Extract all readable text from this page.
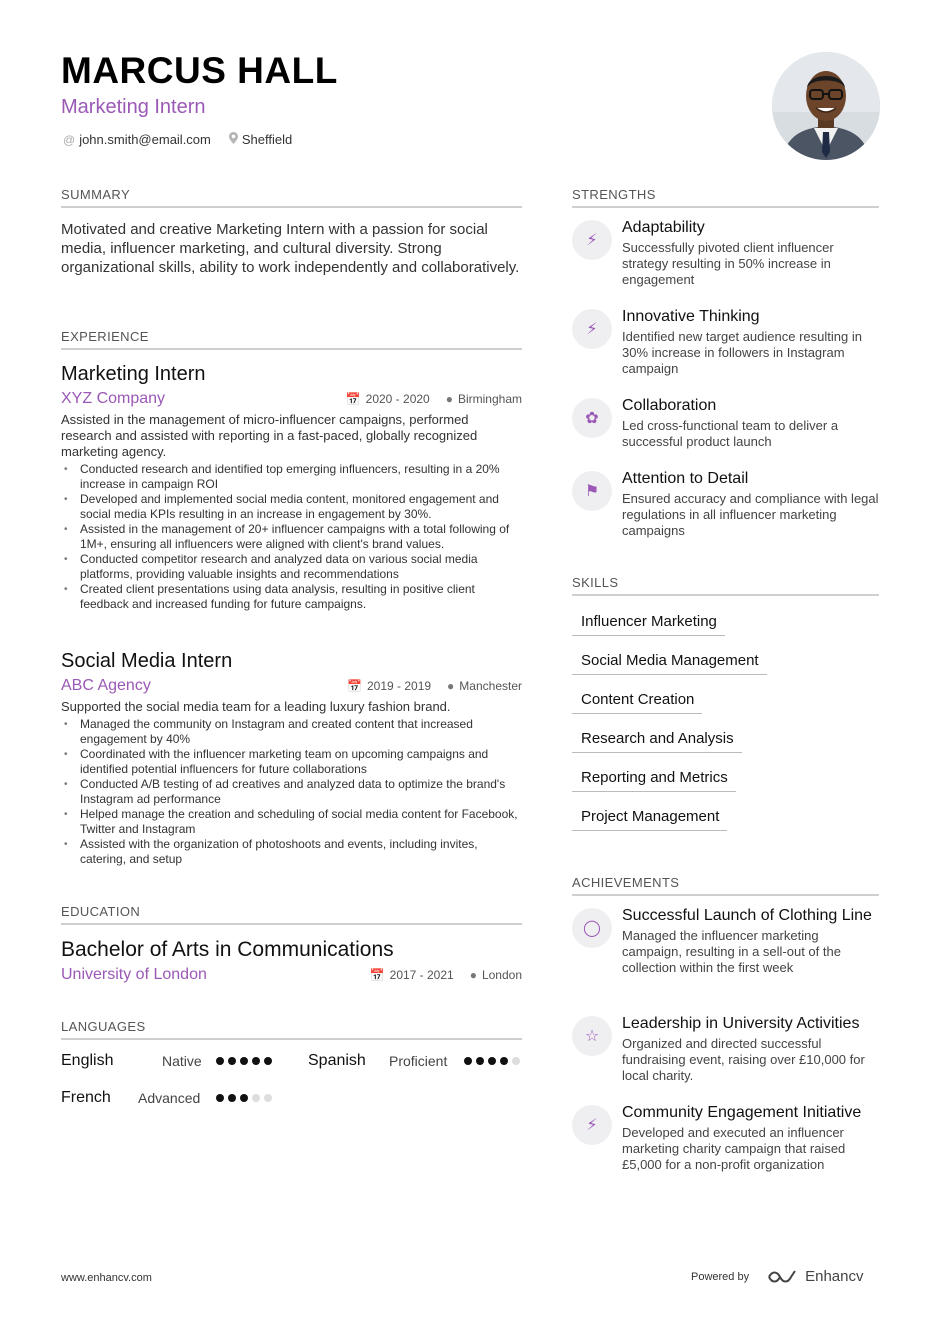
MARCUS HALL
Marketing Intern
@ john.smith@email.com Sheffield
SUMMARY
Motivated and creative Marketing Intern with a passion for social media, influencer marketing, and cultural diversity. Strong organizational skills, ability to work independently and collaboratively.
EXPERIENCE
Marketing Intern
XYZ Company	📅 2020 - 2020 ● Birmingham
Assisted in the management of micro-influencer campaigns, performed research and assisted with reporting in a fast-paced, globally recognized marketing agency.
• Conducted research and identified top emerging influencers, resulting in a 20% increase in campaign ROI
• Developed and implemented social media content, monitored engagement and social media KPIs resulting in an increase in engagement by 30%.
• Assisted in the management of 20+ influencer campaigns with a total following of 1M+, ensuring all influencers were aligned with client's brand values.
• Conducted competitor research and analyzed data on various social media platforms, providing valuable insights and recommendations
• Created client presentations using data analysis, resulting in positive client feedback and increased funding for future campaigns.
Social Media Intern
ABC Agency	📅 2019 - 2019 ● Manchester
Supported the social media team for a leading luxury fashion brand.
• Managed the community on Instagram and created content that increased engagement by 40%
• Coordinated with the influencer marketing team on upcoming campaigns and identified potential influencers for future collaborations
• Conducted A/B testing of ad creatives and analyzed data to optimize the brand's Instagram ad performance
• Helped manage the creation and scheduling of social media content for Facebook, Twitter and Instagram
• Assisted with the organization of photoshoots and events, including invites, catering, and setup
EDUCATION
Bachelor of Arts in Communications
University of London	📅 2017 - 2021 ● London
LANGUAGES
English	Native	Spanish	Proficient
French	Advanced
STRENGTHS
⚡︎
Adaptability
Successfully pivoted client influencer strategy resulting in 50% increase in engagement
⚡︎
Innovative Thinking
Identified new target audience resulting in 30% increase in followers in Instagram campaign
✿
Collaboration
Led cross-functional team to deliver a successful product launch
⚑
Attention to Detail
Ensured accuracy and compliance with legal regulations in all influencer marketing campaigns
SKILLS
Influencer Marketing
Social Media Management
Content Creation
Research and Analysis
Reporting and Metrics
Project Management
ACHIEVEMENTS
◯
Successful Launch of Clothing Line
Managed the influencer marketing campaign, resulting in a sell-out of the collection within the first week
☆
Leadership in University Activities
Organized and directed successful fundraising event, raising over £10,000 for local charity.
⚡︎
Community Engagement Initiative
Developed and executed an influencer marketing charity campaign that raised £5,000 for a non-profit organization
www.enhancv.com	Powered by	Enhancv
